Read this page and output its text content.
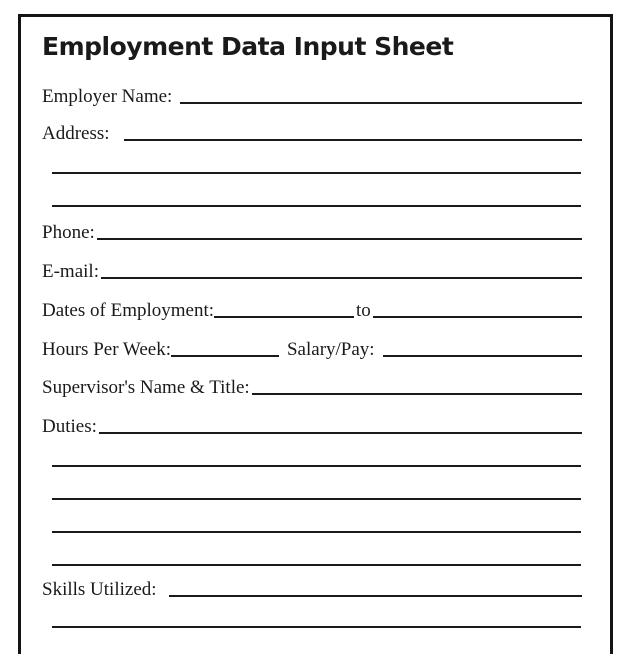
Employment Data Input Sheet
Employer Name:
Address:
Phone:
E-mail:
Dates of Employment:	to
Hours Per Week:	Salary/Pay:
Supervisor's Name & Title:
Duties:
Skills Utilized:
